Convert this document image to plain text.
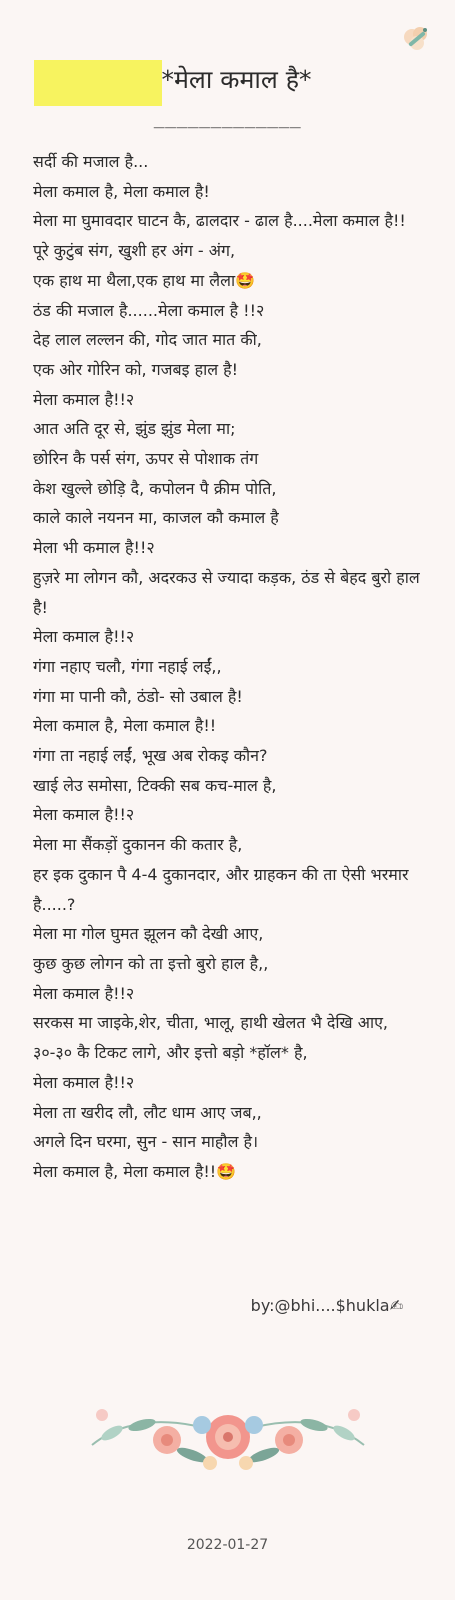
*मेला कमाल है*
_____________
सर्दी की मजाल है...
मेला कमाल है, मेला कमाल है!
मेला मा घुमावदार घाटन कै, ढालदार - ढाल है....मेला कमाल है!!
पूरे कुटुंब संग, खुशी हर अंग - अंग,
एक हाथ मा थैला,एक हाथ मा लैला🤩
ठंड की मजाल है......मेला कमाल है !!२
देह लाल लल्लन की, गोद जात मात की,
एक ओर गोरिन को, गजबइ हाल है!
मेला कमाल है!!२
आत अति दूर से, झुंड झुंड मेला मा;
छोरिन कै पर्स संग, ऊपर से पोशाक तंग
केश खुल्ले छोड़ि दै, कपोलन पै क्रीम पोति,
काले काले नयनन मा, काजल कौ कमाल है
मेला भी कमाल है!!२
हुज़रे मा लोगन कौ, अदरकउ से ज्यादा कड़क, ठंड से बेहद बुरो हाल है!
मेला कमाल है!!२
गंगा नहाए चलौ, गंगा नहाई लईं,,
गंगा मा पानी कौ, ठंडो- सो उबाल है!
मेला कमाल है, मेला कमाल है!!
गंगा ता नहाई लईं, भूख अब रोकइ कौन?
खाई लेउ समोसा, टिक्की सब कच-माल है,
मेला कमाल है!!२
मेला मा सैंकड़ों दुकानन की कतार है,
हर इक दुकान पै 4-4 दुकानदार, और ग्राहकन की ता ऐसी भरमार है.....?
मेला मा गोल घुमत झूलन कौ देखी आए,
कुछ कुछ लोगन को ता इत्तो बुरो हाल है,,
मेला कमाल है!!२
सरकस मा जाइके,शेर, चीता, भालू, हाथी खेलत भै देखि आए,
३०-३० कै टिकट लागे, और इत्तो बड़ो *हॉल* है,
मेला कमाल है!!२
मेला ता खरीद लौ, लौट धाम आए जब,,
अगले दिन घरमा, सुन - सान माहौल है।
मेला कमाल है, मेला कमाल है!!🤩
by:@bhi....$hukla✍
2022-01-27
